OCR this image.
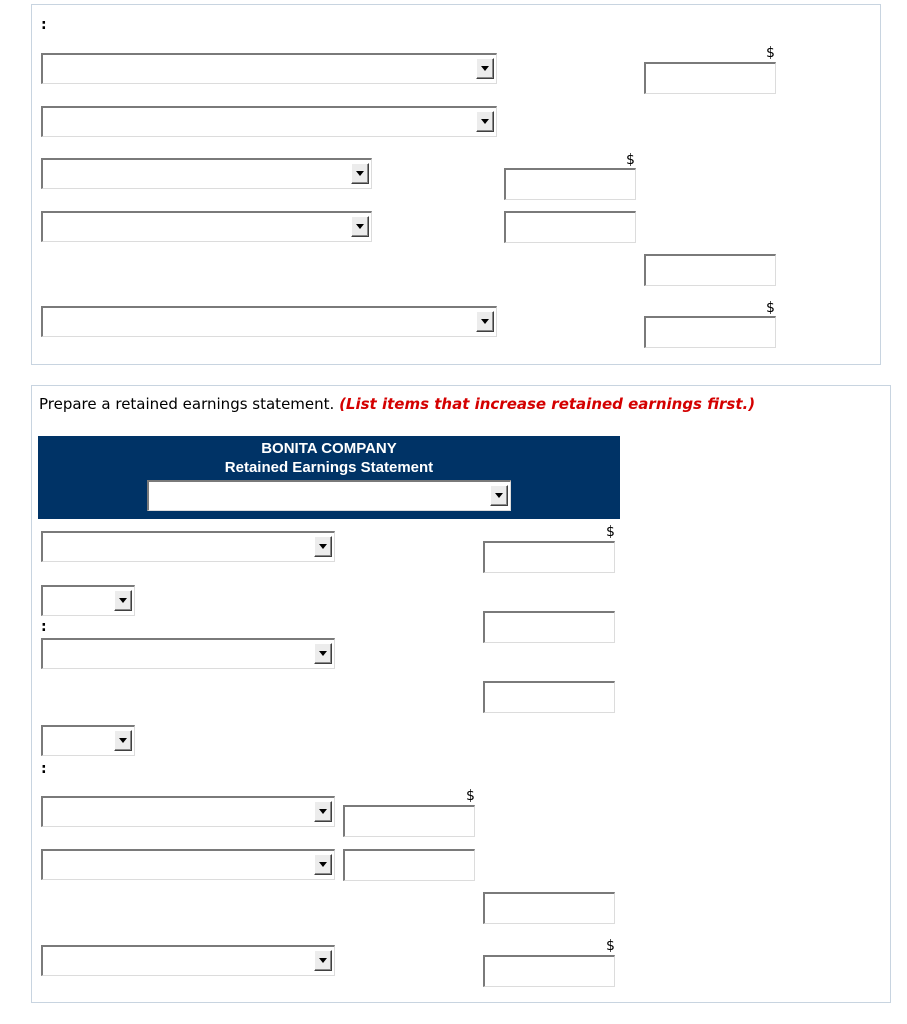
:
$
$
$
Prepare a retained earnings statement. (List items that increase retained earnings first.)
BONITA COMPANY
Retained Earnings Statement
$
:
:
$
$
